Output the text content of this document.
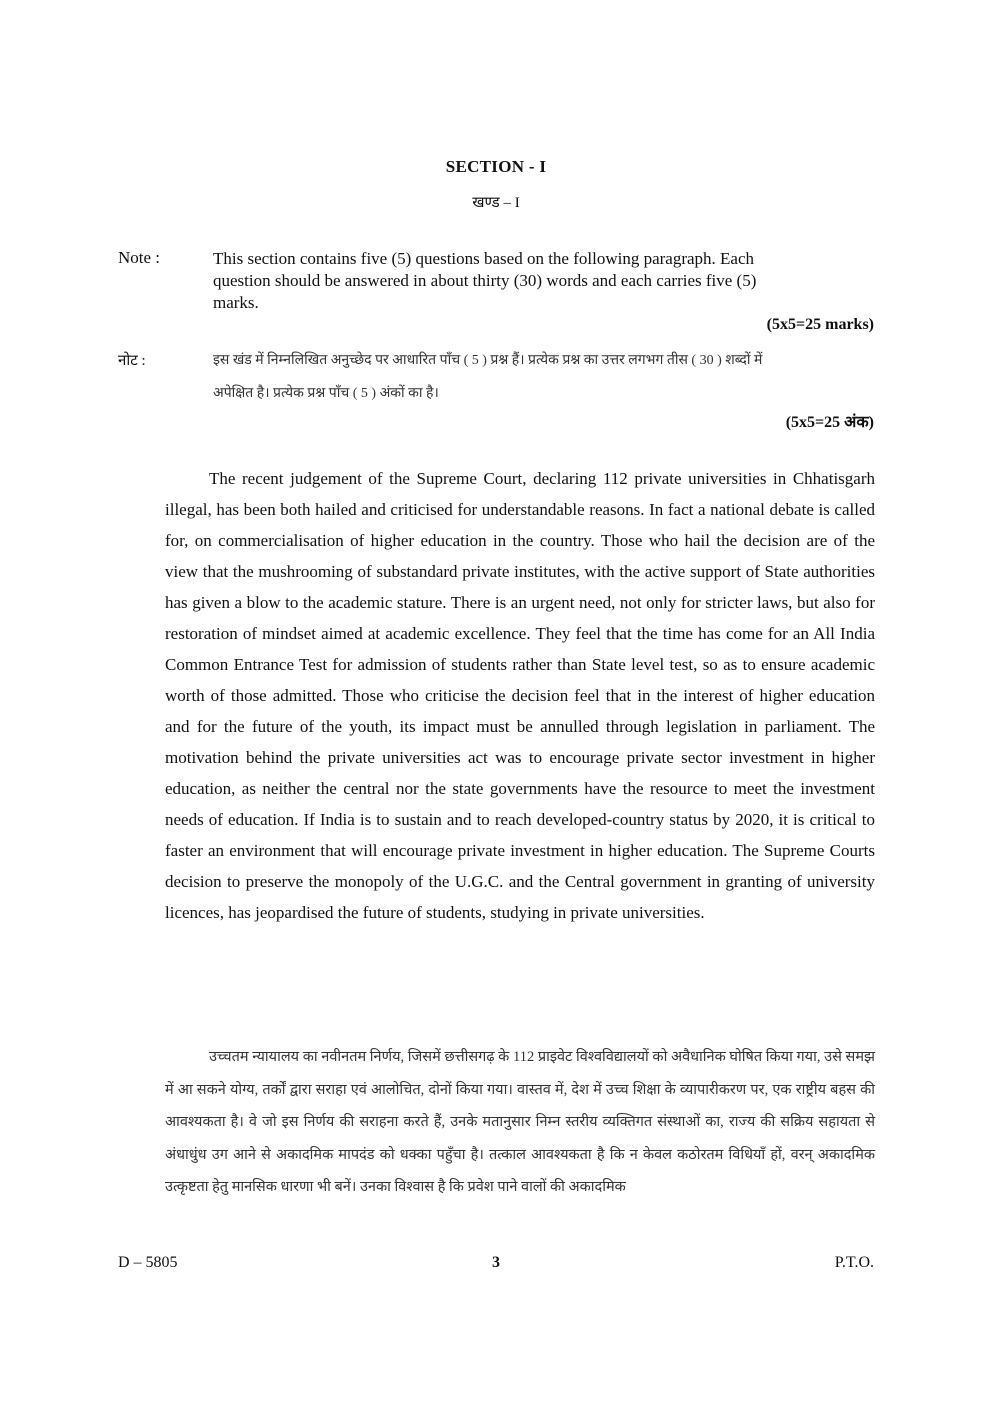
SECTION - I
खण्ड – I
Note :	This section contains five (5) questions based on the following paragraph. Each question should be answered in about thirty (30) words and each carries five (5) marks.
(5x5=25 marks)
नोट :	इस खंड में निम्नलिखित अनुच्छेद पर आधारित पाँच ( 5 ) प्रश्न हैं। प्रत्येक प्रश्न का उत्तर लगभग तीस ( 30 ) शब्दों में अपेक्षित है। प्रत्येक प्रश्न पाँच ( 5 ) अंकों का है।
(5x5=25 अंक)

The recent judgement of the Supreme Court, declaring 112 private universities in Chhatisgarh illegal, has been both hailed and criticised for understandable reasons. In fact a national debate is called for, on commercialisation of higher education in the country. Those who hail the decision are of the view that the mushrooming of substandard private institutes, with the active support of State authorities has given a blow to the academic stature. There is an urgent need, not only for stricter laws, but also for restoration of mindset aimed at academic excellence. They feel that the time has come for an All India Common Entrance Test for admission of students rather than State level test, so as to ensure academic worth of those admitted. Those who criticise the decision feel that in the interest of higher education and for the future of the youth, its impact must be annulled through legislation in parliament. The motivation behind the private universities act was to encourage private sector investment in higher education, as neither the central nor the state governments have the resource to meet the investment needs of education. If India is to sustain and to reach developed-country status by 2020, it is critical to faster an environment that will encourage private investment in higher education. The Supreme Courts decision to preserve the monopoly of the U.G.C. and the Central government in granting of university licences, has jeopardised the future of students, studying in private universities.

उच्चतम न्यायालय का नवीनतम निर्णय, जिसमें छत्तीसगढ़ के 112 प्राइवेट विश्वविद्यालयों को अवैधानिक घोषित किया गया, उसे समझ में आ सकने योग्य, तर्कों द्वारा सराहा एवं आलोचित, दोनों किया गया। वास्तव में, देश में उच्च शिक्षा के व्यापारीकरण पर, एक राष्ट्रीय बहस की आवश्यकता है। वे जो इस निर्णय की सराहना करते हैं, उनके मतानुसार निम्न स्तरीय व्यक्तिगत संस्थाओं का, राज्य की सक्रिय सहायता से अंधाधुंध उग आने से अकादमिक मापदंड को धक्का पहुँचा है। तत्काल आवश्यकता है कि न केवल कठोरतम विधियाँ हों, वरन् अकादमिक उत्कृष्टता हेतु मानसिक धारणा भी बनें। उनका विश्वास है कि प्रवेश पाने वालों की अकादमिक

D – 5805	3	P.T.O.
